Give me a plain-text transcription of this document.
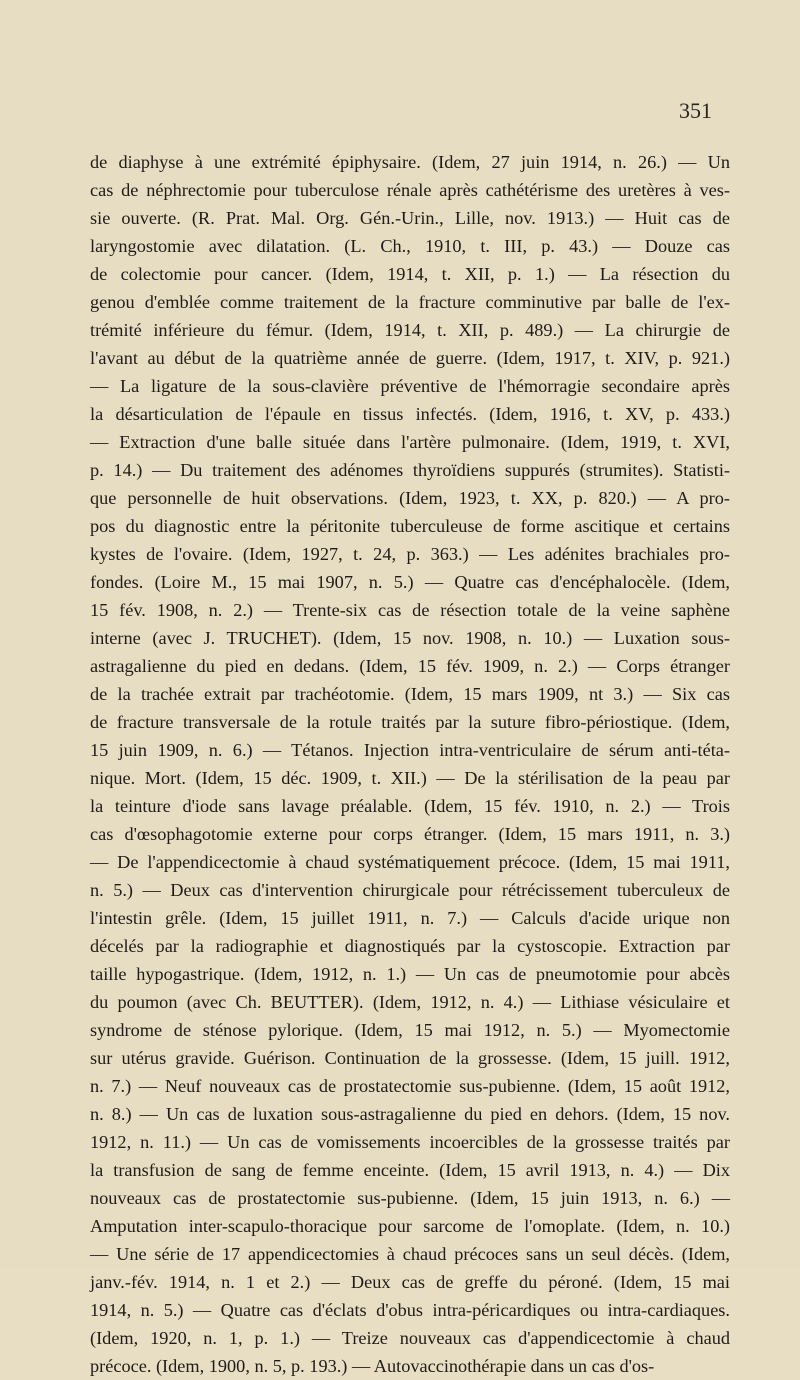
351
de diaphyse à une extrémité épiphysaire. (Idem, 27 juin 1914, n. 26.) — Un
cas de néphrectomie pour tuberculose rénale après cathétérisme des uretères à ves-
sie ouverte. (R. Prat. Mal. Org. Gén.-Urin., Lille, nov. 1913.) — Huit cas de
laryngostomie avec dilatation. (L. Ch., 1910, t. III, p. 43.) — Douze cas
de colectomie pour cancer. (Idem, 1914, t. XII, p. 1.) — La résection du
genou d'emblée comme traitement de la fracture comminutive par balle de l'ex-
trémité inférieure du fémur. (Idem, 1914, t. XII, p. 489.) — La chirurgie de
l'avant au début de la quatrième année de guerre. (Idem, 1917, t. XIV, p. 921.)
— La ligature de la sous-clavière préventive de l'hémorragie secondaire après
la désarticulation de l'épaule en tissus infectés. (Idem, 1916, t. XV, p. 433.)
— Extraction d'une balle située dans l'artère pulmonaire. (Idem, 1919, t. XVI,
p. 14.) — Du traitement des adénomes thyroïdiens suppurés (strumites). Statisti-
que personnelle de huit observations. (Idem, 1923, t. XX, p. 820.) — A pro-
pos du diagnostic entre la péritonite tuberculeuse de forme ascitique et certains
kystes de l'ovaire. (Idem, 1927, t. 24, p. 363.) — Les adénites brachiales pro-
fondes. (Loire M., 15 mai 1907, n. 5.) — Quatre cas d'encéphalocèle. (Idem,
15 fév. 1908, n. 2.) — Trente-six cas de résection totale de la veine saphène
interne (avec J. TRUCHET). (Idem, 15 nov. 1908, n. 10.) — Luxation sous-
astragalienne du pied en dedans. (Idem, 15 fév. 1909, n. 2.) — Corps étranger
de la trachée extrait par trachéotomie. (Idem, 15 mars 1909, nt 3.) — Six cas
de fracture transversale de la rotule traités par la suture fibro-périostique. (Idem,
15 juin 1909, n. 6.) — Tétanos. Injection intra-ventriculaire de sérum anti-téta-
nique. Mort. (Idem, 15 déc. 1909, t. XII.) — De la stérilisation de la peau par
la teinture d'iode sans lavage préalable. (Idem, 15 fév. 1910, n. 2.) — Trois
cas d'œsophagotomie externe pour corps étranger. (Idem, 15 mars 1911, n. 3.)
— De l'appendicectomie à chaud systématiquement précoce. (Idem, 15 mai 1911,
n. 5.) — Deux cas d'intervention chirurgicale pour rétrécissement tuberculeux de
l'intestin grêle. (Idem, 15 juillet 1911, n. 7.) — Calculs d'acide urique non
décelés par la radiographie et diagnostiqués par la cystoscopie. Extraction par
taille hypogastrique. (Idem, 1912, n. 1.) — Un cas de pneumotomie pour abcès
du poumon (avec Ch. BEUTTER). (Idem, 1912, n. 4.) — Lithiase vésiculaire et
syndrome de sténose pylorique. (Idem, 15 mai 1912, n. 5.) — Myomectomie
sur utérus gravide. Guérison. Continuation de la grossesse. (Idem, 15 juill. 1912,
n. 7.) — Neuf nouveaux cas de prostatectomie sus-pubienne. (Idem, 15 août 1912,
n. 8.) — Un cas de luxation sous-astragalienne du pied en dehors. (Idem, 15 nov.
1912, n. 11.) — Un cas de vomissements incoercibles de la grossesse traités par
la transfusion de sang de femme enceinte. (Idem, 15 avril 1913, n. 4.) — Dix
nouveaux cas de prostatectomie sus-pubienne. (Idem, 15 juin 1913, n. 6.) —
Amputation inter-scapulo-thoracique pour sarcome de l'omoplate. (Idem, n. 10.)
— Une série de 17 appendicectomies à chaud précoces sans un seul décès. (Idem,
janv.-fév. 1914, n. 1 et 2.) — Deux cas de greffe du péroné. (Idem, 15 mai
1914, n. 5.) — Quatre cas d'éclats d'obus intra-péricardiques ou intra-cardiaques.
(Idem, 1920, n. 1, p. 1.) — Treize nouveaux cas d'appendicectomie à chaud
précoce. (Idem, 1900, n. 5, p. 193.) — Autovaccinothérapie dans un cas d'os-
